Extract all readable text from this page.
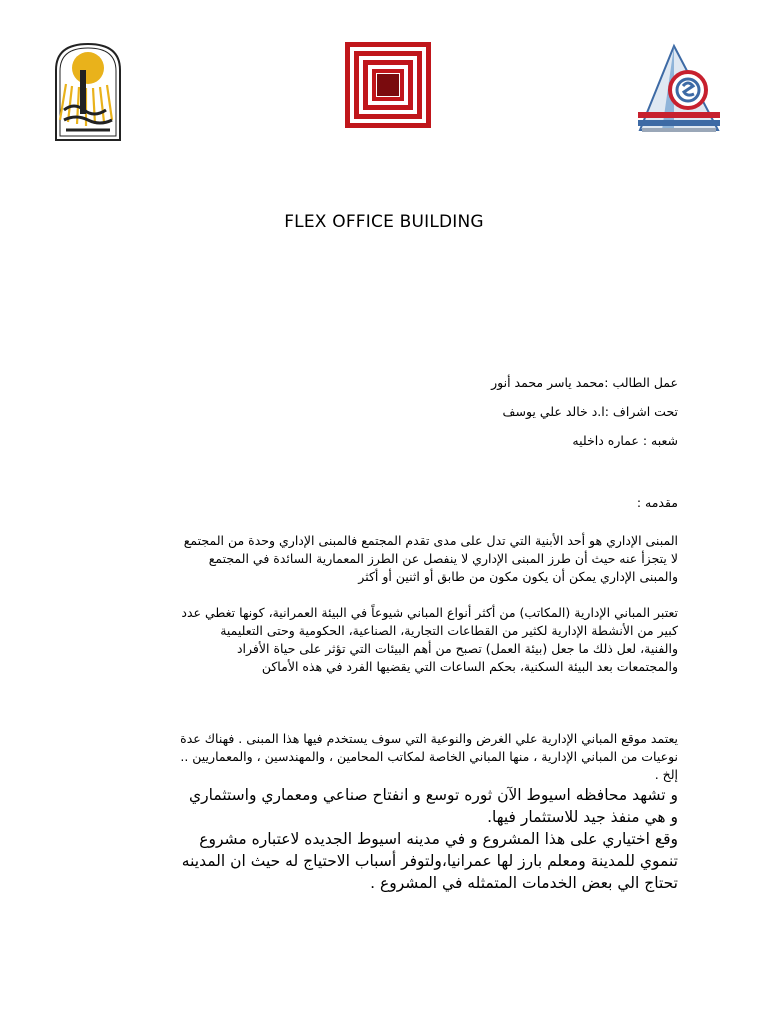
جامعة أسيوط
FLEX OFFICE BUILDING
عمل الطالب :محمد ياسر محمد أنور
تحت اشراف :ا.د خالد علي يوسف
شعبه : عماره داخليه
مقدمه :
المبنى الإداري هو أحد الأبنية التي تدل على مدى تقدم المجتمع فالمبنى الإداري وحدة من المجتمع
لا يتجزأ عنه حيث أن طرز المبنى الإداري لا ينفصل عن الطرز المعمارية السائدة في المجتمع
والمبنى الإداري يمكن أن يكون مكون من طابق أو اثنين أو أكثر
تعتبر المباني الإدارية (المكاتب) من أكثر أنواع المباني شيوعاً في البيئة العمرانية، كونها تغطي عدد
كبير من الأنشطة الإدارية لكثير من القطاعات التجارية، الصناعية، الحكومية وحتى التعليمية
والفنية، لعل ذلك ما جعل (بيئة العمل) تصبح من أهم البيئات التي تؤثر على حياة الأفراد
والمجتمعات بعد البيئة السكنية، بحكم الساعات التي يقضيها الفرد في هذه الأماكن
يعتمد موقع المباني الإدارية علي الغرض والنوعية التي سوف يستخدم فيها هذا المبنى . فهناك عدة
نوعيات من المباني الإدارية ، منها المباني الخاصة لمكاتب المحامين ، والمهندسين ، والمعماريين ..
إلخ .
و تشهد محافظه اسيوط الآن ثوره توسع و انفتاح صناعي ومعماري واستثماري
و هي منفذ جيد للاستثمار فيها.
وقع اختياري على هذا المشروع و في مدينه اسيوط الجديده لاعتباره مشروع
تنموي للمدينة ومعلم بارز لها عمرانيا،ولتوفر أسباب الاحتياج له حيث ان المدينه
تحتاج الي بعض الخدمات المتمثله في المشروع .
